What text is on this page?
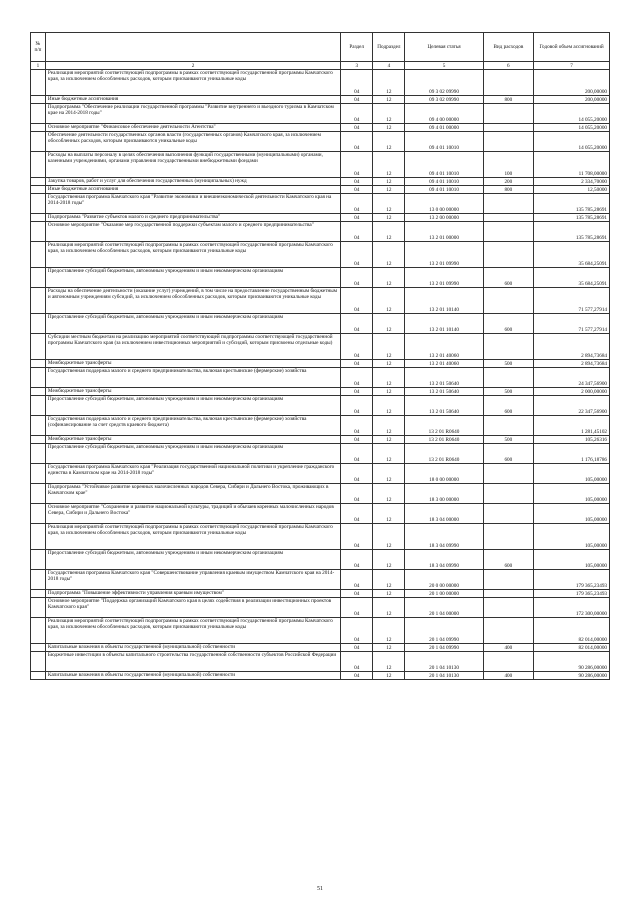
№ п/п		Раздел	Подраздел	Целевая статья	Вид расходов	Годовой объем ассигнований
1	2	3	4	5	6	7
	Реализация мероприятий соответствующей подпрограммы в рамках соответствующей государственной программы Камчатского края, за исключением обособленных расходов, которым присваиваются уникальные коды	04	12	09 3 02 09990		200,00000
	Иные бюджетные ассигнования	04	12	09 3 02 09990	800	200,00000
	Подпрограмма "Обеспечение реализации государственной программы "Развитие внутреннего и въездного туризма в Камчатском крае на 2014-2018 годы"	04	12	09 4 00 00000		14 055,20000
	Основное мероприятие "Финансовое обеспечение деятельности Агентства"	04	12	09 4 01 00000		14 055,20000
	Обеспечение деятельности государственных органов власти (государственных органов) Камчатского края, за исключением обособленных расходов, которым присваиваются уникальные коды	04	12	09 4 01 10010		14 055,20000
	Расходы на выплаты персоналу в целях обеспечения выполнения функций государственными (муниципальными) органами, казенными учреждениями, органами управления государственными внебюджетными фондами	04	12	09 4 01 10010	100	11 708,00000
	Закупка товаров, работ и услуг для обеспечения государственных (муниципальных) нужд	04	12	09 4 01 10010	200	2 334,70000
	Иные бюджетные ассигнования	04	12	09 4 01 10010	800	12,50000
	Государственная программа Камчатского края "Развитие экономики и внешнеэкономической деятельности Камчатского края на 2014-2018 годы"	04	12	13 0 00 00000		135 785,28691
	Подпрограмма "Развитие субъектов малого и среднего предпринимательства"	04	12	13 2 00 00000		135 785,28691
	Основное мероприятие "Оказание мер государственной поддержки субъектам малого и среднего предпринимательства"	04	12	13 2 01 00000		135 785,28691
	Реализация мероприятий соответствующей подпрограммы в рамках соответствующей государственной программы Камчатского края, за исключением обособленных расходов, которым присваиваются уникальные коды	04	12	13 2 01 09990		35 684,25091
	Предоставление субсидий бюджетным, автономным учреждениям и иным некоммерческим организациям	04	12	13 2 01 09990	600	35 684,25091
	Расходы на обеспечение деятельности (оказание услуг) учреждений, в том числе на предоставление государственным бюджетным и автономным учреждениям субсидий, за исключением обособленных расходов, которым присваиваются уникальные коды	04	12	13 2 01 10140		71 577,27914
	Предоставление субсидий бюджетным, автономным учреждениям и иным некоммерческим организациям	04	12	13 2 01 10140	600	71 577,27914
	Субсидии местным бюджетам на реализацию мероприятий соответствующей подпрограммы соответствующей государственной программы Камчатского края (за исключением инвестиционных мероприятий и субсидий, которым присвоены отдельные коды)	04	12	13 2 01 40060		2 894,73684
	Межбюджетные трансферты	04	12	13 2 01 40060	500	2 894,73684
	Государственная поддержка малого и среднего предпринимательства, включая крестьянские (фермерские) хозяйства	04	12	13 2 01 50640		24 347,56900
	Межбюджетные трансферты	04	12	13 2 01 50640	500	2 000,00000
	Предоставление субсидий бюджетным, автономным учреждениям и иным некоммерческим организациям	04	12	13 2 01 50640	600	22 347,56900
	Государственная поддержка малого и среднего предпринимательства, включая крестьянские (фермерские) хозяйства (софинансирование за счет средств краевого бюджета)	04	12	13 2 01 R0640		1 281,45102
	Межбюджетные трансферты	04	12	13 2 01 R0640	500	105,26316
	Предоставление субсидий бюджетным, автономным учреждениям и иным некоммерческим организациям	04	12	13 2 01 R0640	600	1 176,18786
	Государственная программа Камчатского края "Реализация государственной национальной политики и укрепление гражданского единства в Камчатском крае на 2014-2018 годы"	04	12	18 0 00 00000		105,00000
	Подпрограмма "Устойчивое развитие коренных малочисленных народов Севера, Сибири и Дальнего Востока, проживающих в Камчатском крае"	04	12	18 3 00 00000		105,00000
	Основное мероприятие "Сохранение и развитие национальной культуры, традиций и обычаев коренных малочисленных народов Севера, Сибири и Дальнего Востока"	04	12	18 3 04 00000		105,00000
	Реализация мероприятий соответствующей подпрограммы в рамках соответствующей государственной программы Камчатского края, за исключением обособленных расходов, которым присваиваются уникальные коды	04	12	18 3 04 09990		105,00000
	Предоставление субсидий бюджетным, автономным учреждениям и иным некоммерческим организациям	04	12	18 3 04 09990	600	105,00000
	Государственная программа Камчатского края "Совершенствование управления краевым имуществом Камчатского края на 2014-2018 годы"	04	12	20 0 00 00000		179 365,23493
	Подпрограмма "Повышение эффективности управления краевым имуществом"	04	12	20 1 00 00000		179 365,23493
	Основное мероприятие "Поддержка организаций Камчатского края в целях содействия в реализации инвестиционных проектов Камчатского края"	04	12	20 1 04 00000		172 300,00000
	Реализация мероприятий соответствующей подпрограммы в рамках соответствующей государственной программы Камчатского края, за исключением обособленных расходов, которым присваиваются уникальные коды	04	12	20 1 04 09990		82 014,00000
	Капитальные вложения в объекты государственной (муниципальной) собственности	04	12	20 1 04 09990	400	82 014,00000
	Бюджетные инвестиции в объекты капитального строительства государственной собственности субъектов Российской Федерации	04	12	20 1 04 10130		90 286,00000
	Капитальные вложения в объекты государственной (муниципальной) собственности	04	12	20 1 04 10130	400	90 286,00000
51
